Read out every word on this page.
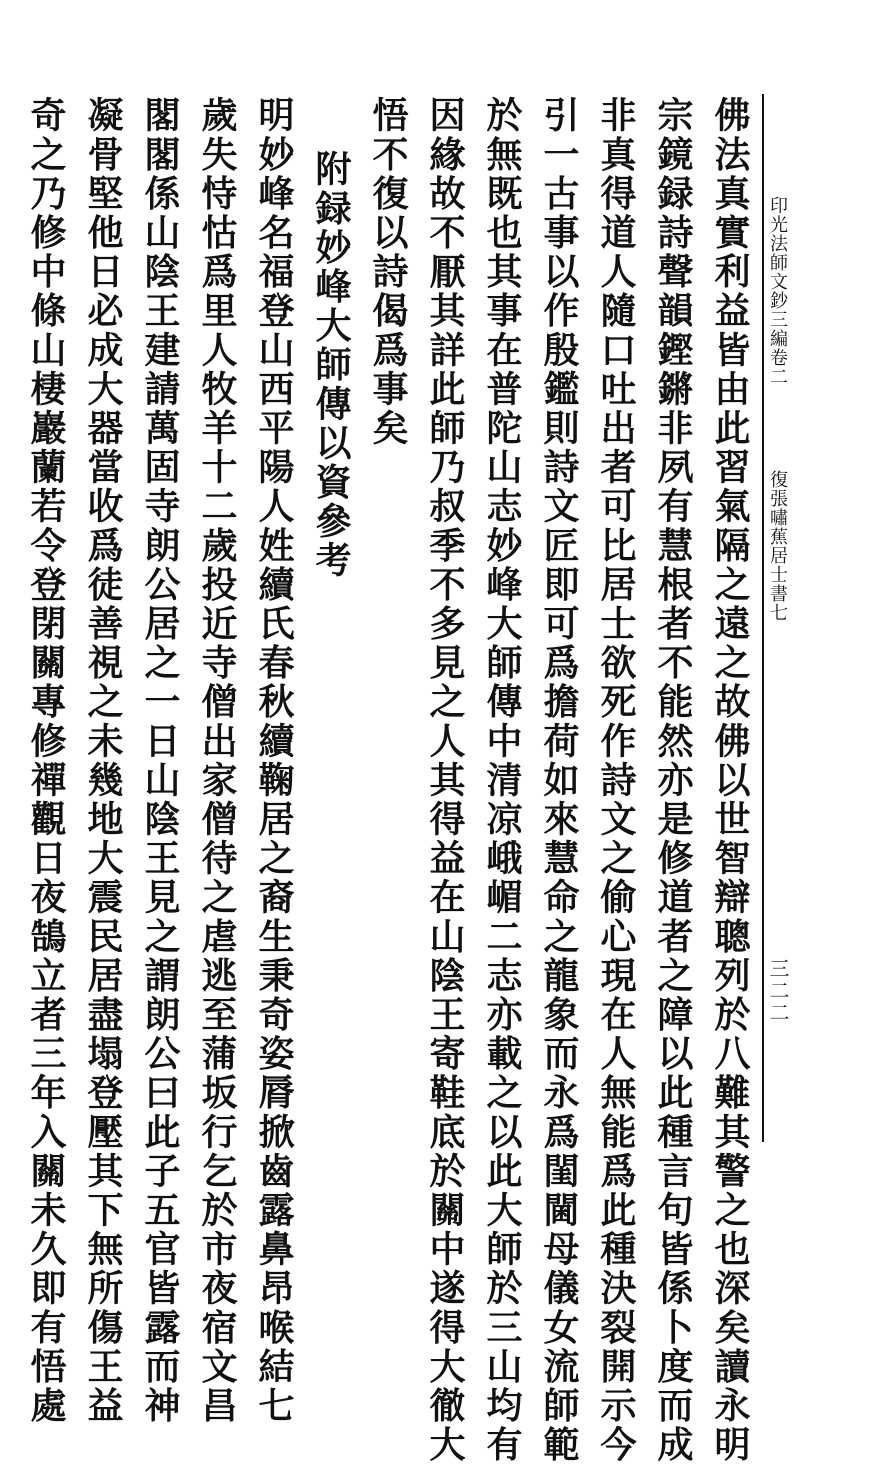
印光法師文鈔三編卷二
復張嘯蕉居士書七
三二二
佛法真實利益皆由此習氣隔之遠之故佛以世智辯聰列於八難其警之也深矣讀永明
宗鏡録詩聲韻鏗鏘非夙有慧根者不能然亦是修道者之障以此種言句皆係卜度而成
非真得道人隨口吐出者可比居士欲死作詩文之偷心現在人無能爲此種決裂開示今
引一古事以作殷鑑則詩文匠即可爲擔荷如來慧命之龍象而永爲閨閫母儀女流師範
於無既也其事在普陀山志妙峰大師傳中清凉峨嵋二志亦載之以此大師於三山均有
因緣故不厭其詳此師乃叔季不多見之人其得益在山陰王寄鞋底於關中遂得大徹大
悟不復以詩偈爲事矣
附録妙峰大師傳以資參考
明妙峰名福登山西平陽人姓續氏春秋續鞠居之裔生秉奇姿脣掀齒露鼻昂喉結七
歲失恃怙爲里人牧羊十二歲投近寺僧出家僧待之虐逃至蒲坂行乞於市夜宿文昌
閣閣係山陰王建請萬固寺朗公居之一日山陰王見之謂朗公曰此子五官皆露而神
凝骨堅他日必成大器當收爲徒善視之未幾地大震民居盡塌登壓其下無所傷王益
奇之乃修中條山棲巖蘭若令登閉關專修禪觀日夜鵠立者三年入關未久即有悟處
